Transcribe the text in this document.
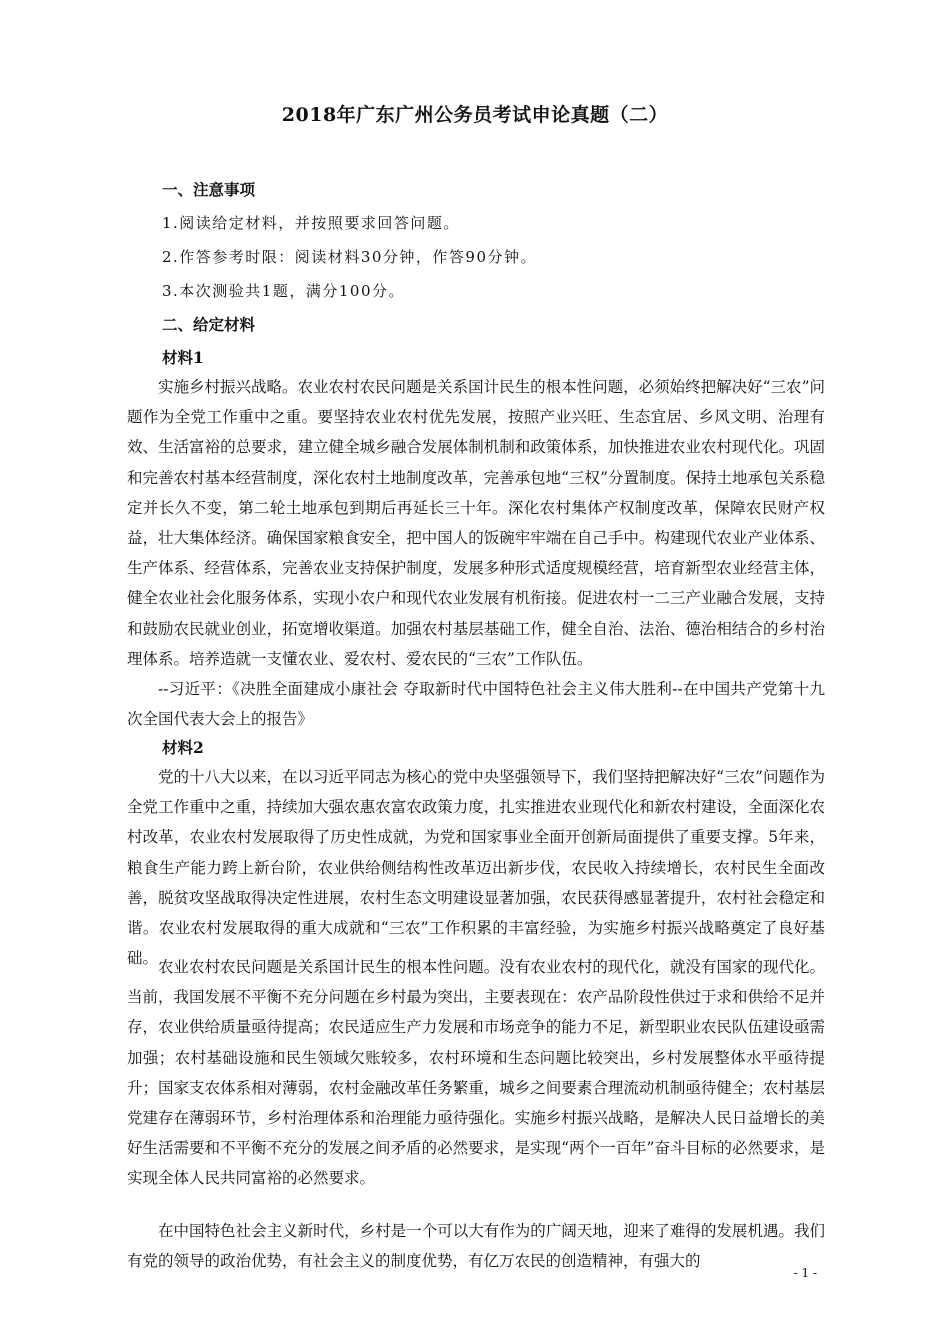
2018年广东广州公务员考试申论真题（二）
一、注意事项
1.阅读给定材料，并按照要求回答问题。
2.作答参考时限：阅读材料30分钟，作答90分钟。
3.本次测验共1题，满分100分。
二、给定材料
材料1

实施乡村振兴战略。农业农村农民问题是关系国计民生的根本性问题，必须始终把解决好“三农”问题作为全党工作重中之重。要坚持农业农村优先发展，按照产业兴旺、生态宜居、乡风文明、治理有效、生活富裕的总要求，建立健全城乡融合发展体制机制和政策体系，加快推进农业农村现代化。巩固和完善农村基本经营制度，深化农村土地制度改革，完善承包地“三权”分置制度。保持土地承包关系稳定并长久不变，第二轮土地承包到期后再延长三十年。深化农村集体产权制度改革，保障农民财产权益，壮大集体经济。确保国家粮食安全，把中国人的饭碗牢牢端在自己手中。构建现代农业产业体系、生产体系、经营体系，完善农业支持保护制度，发展多种形式适度规模经营，培育新型农业经营主体，健全农业社会化服务体系，实现小农户和现代农业发展有机衔接。促进农村一二三产业融合发展，支持和鼓励农民就业创业，拓宽增收渠道。加强农村基层基础工作，健全自治、法治、德治相结合的乡村治理体系。培养造就一支懂农业、爱农村、爱农民的“三农”工作队伍。

--习近平：《决胜全面建成小康社会 夺取新时代中国特色社会主义伟大胜利--在中国共产党第十九次全国代表大会上的报告》

材料2

党的十八大以来，在以习近平同志为核心的党中央坚强领导下，我们坚持把解决好“三农”问题作为全党工作重中之重，持续加大强农惠农富农政策力度，扎实推进农业现代化和新农村建设，全面深化农村改革，农业农村发展取得了历史性成就，为党和国家事业全面开创新局面提供了重要支撑。5年来，粮食生产能力跨上新台阶，农业供给侧结构性改革迈出新步伐，农民收入持续增长，农村民生全面改善，脱贫攻坚战取得决定性进展，农村生态文明建设显著加强，农民获得感显著提升，农村社会稳定和谐。农业农村发展取得的重大成就和“三农”工作积累的丰富经验，为实施乡村振兴战略奠定了良好基础。 农业农村农民问题是关系国计民生的根本性问题。没有农业农村的现代化，就没有国家的现代化。当前，我国发展不平衡不充分问题在乡村最为突出，主要表现在：农产品阶段性供过于求和供给不足并存，农业供给质量亟待提高；农民适应生产力发展和市场竞争的能力不足，新型职业农民队伍建设亟需加强；农村基础设施和民生领域欠账较多，农村环境和生态问题比较突出，乡村发展整体水平亟待提升；国家支农体系相对薄弱，农村金融改革任务繁重，城乡之间要素合理流动机制亟待健全；农村基层党建存在薄弱环节，乡村治理体系和治理能力亟待强化。实施乡村振兴战略，是解决人民日益增长的美好生活需要和不平衡不充分的发展之间矛盾的必然要求，是实现“两个一百年”奋斗目标的必然要求，是实现全体人民共同富裕的必然要求。

在中国特色社会主义新时代，乡村是一个可以大有作为的广阔天地，迎来了难得的发展机遇。我们有党的领导的政治优势，有社会主义的制度优势，有亿万农民的创造精神，有强大的

- 1 -
